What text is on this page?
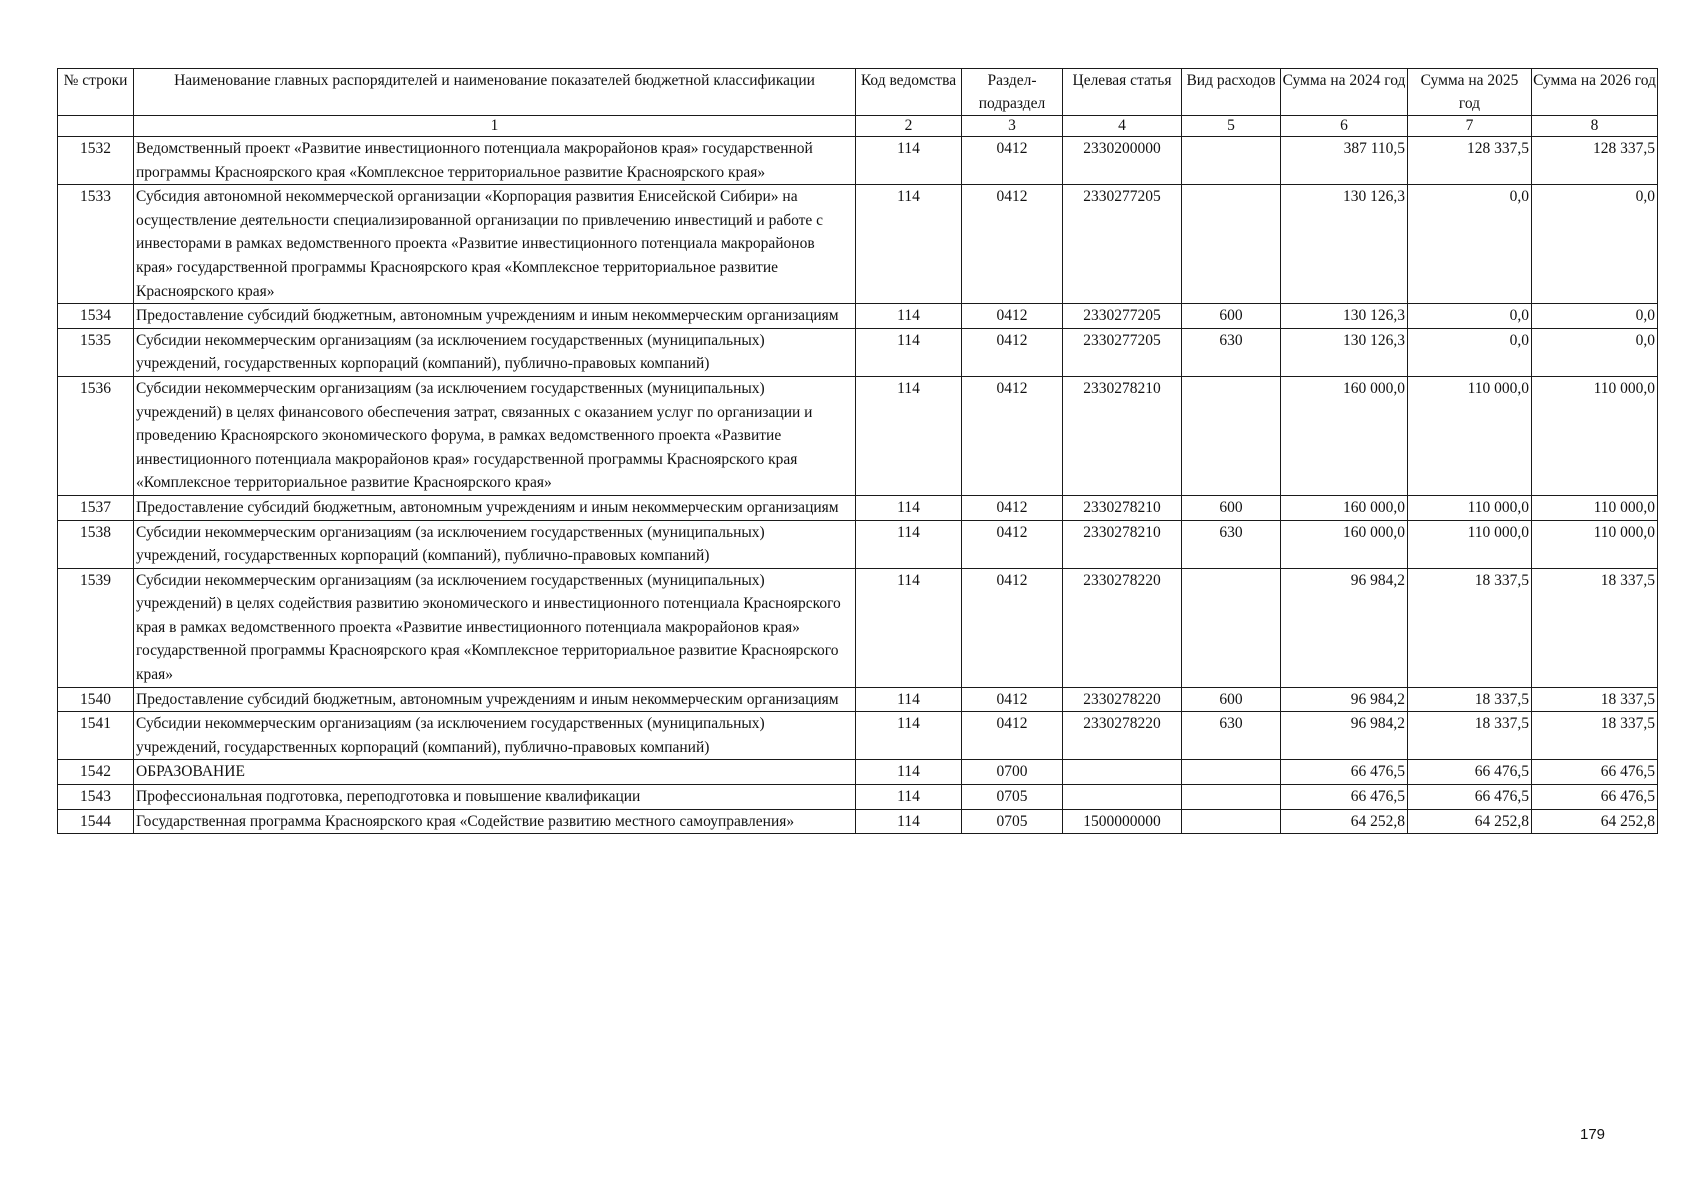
№ строки	Наименование главных распорядителей и наименование показателей бюджетной классификации	Код ведомства	Раздел-подраздел	Целевая статья	Вид расходов	Сумма на 2024 год	Сумма на 2025 год	Сумма на 2026 год
	1	2	3	4	5	6	7	8
1532	Ведомственный проект «Развитие инвестиционного потенциала макрорайонов края» государственной программы Красноярского края «Комплексное территориальное развитие Красноярского края»	114	0412	2330200000		387 110,5	128 337,5	128 337,5
1533	Субсидия автономной некоммерческой организации «Корпорация развития Енисейской Сибири» на осуществление деятельности специализированной организации по привлечению инвестиций и работе с инвесторами в рамках ведомственного проекта «Развитие инвестиционного потенциала макрорайонов края» государственной программы Красноярского края «Комплексное территориальное развитие Красноярского края»	114	0412	2330277205		130 126,3	0,0	0,0
1534	Предоставление субсидий бюджетным, автономным учреждениям и иным некоммерческим организациям	114	0412	2330277205	600	130 126,3	0,0	0,0
1535	Субсидии некоммерческим организациям (за исключением государственных (муниципальных) учреждений, государственных корпораций (компаний), публично-правовых компаний)	114	0412	2330277205	630	130 126,3	0,0	0,0
1536	Субсидии некоммерческим организациям (за исключением государственных (муниципальных) учреждений) в целях финансового обеспечения затрат, связанных с оказанием услуг по организации и проведению Красноярского экономического форума, в рамках ведомственного проекта «Развитие инвестиционного потенциала макрорайонов края» государственной программы Красноярского края «Комплексное территориальное развитие Красноярского края»	114	0412	2330278210		160 000,0	110 000,0	110 000,0
1537	Предоставление субсидий бюджетным, автономным учреждениям и иным некоммерческим организациям	114	0412	2330278210	600	160 000,0	110 000,0	110 000,0
1538	Субсидии некоммерческим организациям (за исключением государственных (муниципальных) учреждений, государственных корпораций (компаний), публично-правовых компаний)	114	0412	2330278210	630	160 000,0	110 000,0	110 000,0
1539	Субсидии некоммерческим организациям (за исключением государственных (муниципальных) учреждений) в целях содействия развитию экономического и инвестиционного потенциала Красноярского края в рамках ведомственного проекта «Развитие инвестиционного потенциала макрорайонов края» государственной программы Красноярского края «Комплексное территориальное развитие Красноярского края»	114	0412	2330278220		96 984,2	18 337,5	18 337,5
1540	Предоставление субсидий бюджетным, автономным учреждениям и иным некоммерческим организациям	114	0412	2330278220	600	96 984,2	18 337,5	18 337,5
1541	Субсидии некоммерческим организациям (за исключением государственных (муниципальных) учреждений, государственных корпораций (компаний), публично-правовых компаний)	114	0412	2330278220	630	96 984,2	18 337,5	18 337,5
1542	ОБРАЗОВАНИЕ	114	0700			66 476,5	66 476,5	66 476,5
1543	Профессиональная подготовка, переподготовка и повышение квалификации	114	0705			66 476,5	66 476,5	66 476,5
1544	Государственная программа Красноярского края «Содействие развитию местного самоуправления»	114	0705	1500000000		64 252,8	64 252,8	64 252,8
179
